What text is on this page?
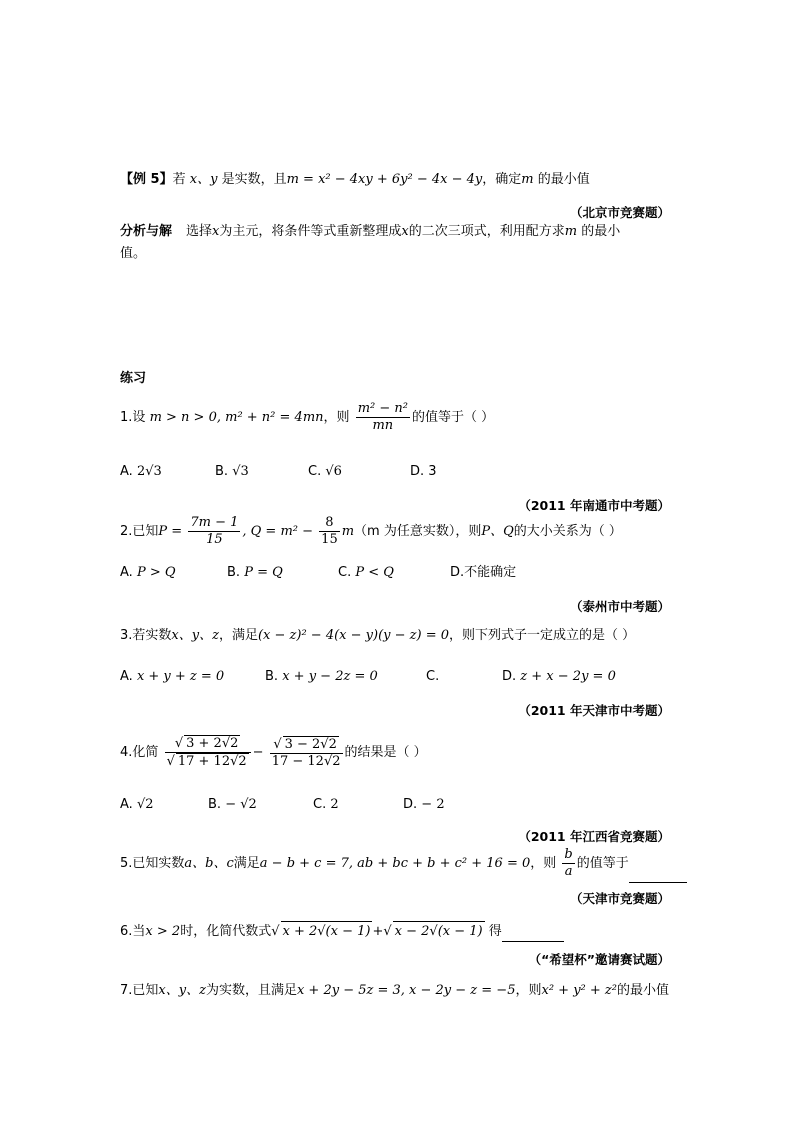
【例 5】若 x、y 是实数，且m = x² − 4xy + 6y² − 4x − 4y，确定m 的最小值
（北京市竞赛题）
分析与解 选择x为主元，将条件等式重新整理成x的二次三项式，利用配方求m 的最小
值。
练习
1.设 m > n > 0, m² + n² = 4mn，则 $\frac{\text{m² − n²}}{mn}$ 的值等于（ ）
A. 2√3	B. √3	C. √6	D. 3
（2011 年南通市中考题）
2.已知$P = \frac{7m - 1}{15}$ , $Q = m^2 - \frac{8}{15} m(m$ 为任意实数），则P、Q的大小关系为（ ）
A. P > Q	B. P = Q	C. P < Q	D.不能确定
（泰州市中考题）
3.若实数x、y、z，满足(x − z)² − 4(x − y)(y − z) = 0，则下列式子一定成立的是（ ）
A. x + y + z = 0	B. x + y − 2z = 0	C.	D. z + x − 2y = 0
（2011 年天津市中考题）
4.化简 $\frac{√ 3 + 2√2}{√ 17 + 12√2} - \frac{√ 3 - 2√2}{17 - 12√2}$ 的结果是（ ）
A. √2	B. − √2	C. 2	D. − 2
（2011 年江西省竞赛题）
5.已知实数a、b、c满足a − b + c = 7, ab + bc + b + c² + 16 = 0，则 $\frac{b}{a}$ 的值等于
（天津市竞赛题）
6.当x > 2时，化简代数式√ x + 2√(x − 1) +√ x − 2√(x − 1) 得
（“希望杯”邀请赛试题）
7.已知x、y、z为实数，且满足x + 2y − 5z = 3, x − 2y − z = −5，则x² + y² + z²的最小值
